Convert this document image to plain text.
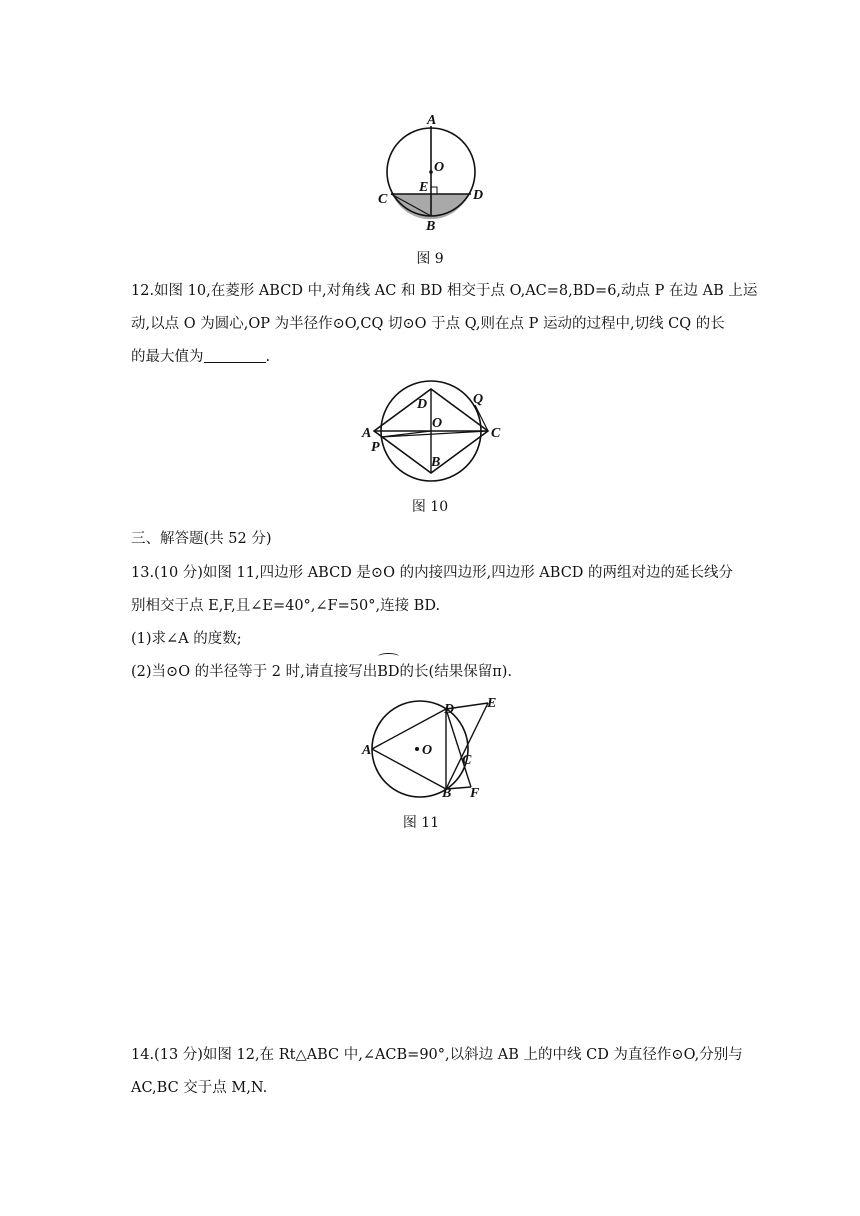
A
O
E
C	D
B
图 9
12.如图 10,在菱形 ABCD 中,对角线 AC 和 BD 相交于点 O,AC=8,BD=6,动点 P 在边 AB 上运
动,以点 O 为圆心,OP 为半径作⊙O,CQ 切⊙O 于点 Q,则在点 P 运动的过程中,切线 CQ 的长
的最大值为	.
A
P
D
O
Q
C
B
图 10
三、解答题(共 52 分)
13.(10 分)如图 11,四边形 ABCD 是⊙O 的内接四边形,四边形 ABCD 的两组对边的延长线分
别相交于点 E,F,且∠E=40°,∠F=50°,连接 BD.
(1)求∠A 的度数;
(2)当⊙O 的半径等于 2 时,请直接写出BD的长(结果保留π).
A	O
D E
C
B F
图 11
14.(13 分)如图 12,在 Rt△ABC 中,∠ACB=90°,以斜边 AB 上的中线 CD 为直径作⊙O,分别与
AC,BC 交于点 M,N.
